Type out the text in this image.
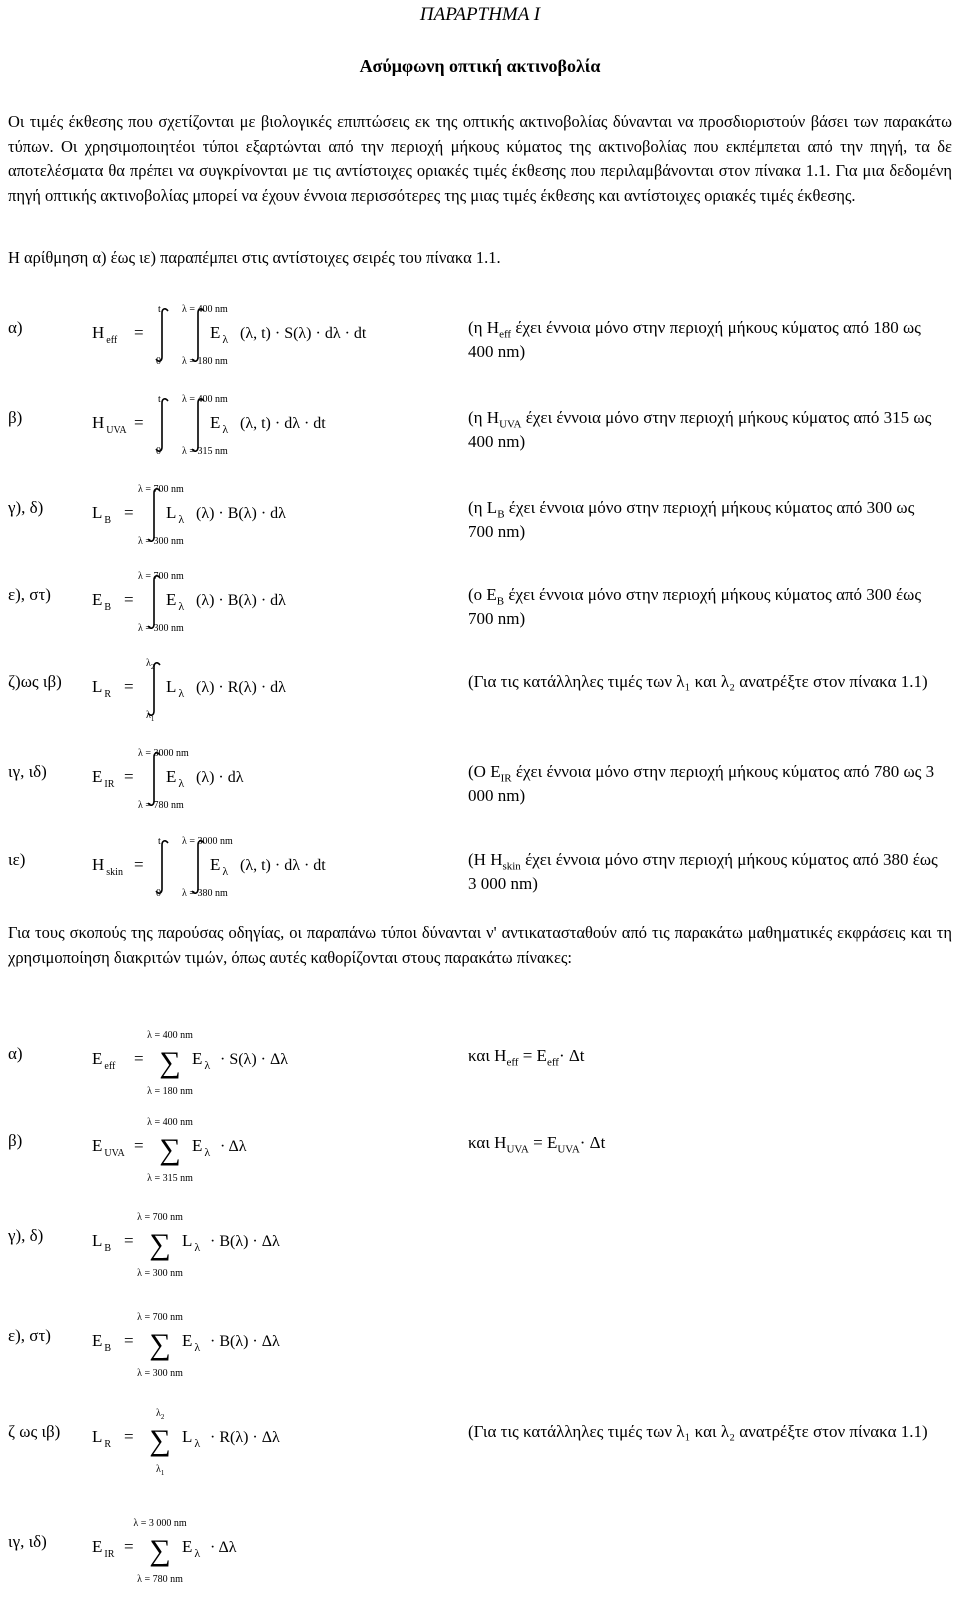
ΠΑΡΑΡΤΗΜΑ I
Ασύμφωνη οπτική ακτινοβολία
Οι τιμές έκθεσης που σχετίζονται με βιολογικές επιπτώσεις εκ της οπτικής ακτινοβολίας δύνανται να προσδιοριστούν βάσει των παρακάτω τύπων. Οι χρησιμοποιητέοι τύποι εξαρτώνται από την περιοχή μήκους κύματος της ακτινοβολίας που εκπέμπεται από την πηγή, τα δε αποτελέσματα θα πρέπει να συγκρίνονται με τις αντίστοιχες οριακές τιμές έκθεσης που περιλαμβάνονται στον πίνακα 1.1. Για μια δεδομένη πηγή οπτικής ακτινοβολίας μπορεί να έχουν έννοια περισσότερες της μιας τιμές έκθεσης και αντίστοιχες οριακές τιμές έκθεσης.
Η αρίθμηση α) έως ιε) παραπέμπει στις αντίστοιχες σειρές του πίνακα 1.1.
Για τους σκοπούς της παρούσας οδηγίας, οι παραπάνω τύποι δύνανται ν' αντικατασταθούν από τις παρακάτω μαθηματικές εκφράσεις και τη χρησιμοποίηση διακριτών τιμών, όπως αυτές καθορίζονται στους παρακάτω πίνακες:
α)	H $_{eff}$ =
t
0
λ = 400 nm
λ = 180 nm
E $_\lambda$ (λ, t) · S(λ) · dλ · dt	(η $H_{eff}$ έχει έννοια μόνο στην περιοχή μήκους κύματος από 180 ως 400 nm)
β)	H $_{UVA}$ =
t
0
λ = 400 nm
λ = 315 nm
E $_\lambda$ (λ, t) · dλ · dt	(η $H_{UVA}$ έχει έννοια μόνο στην περιοχή μήκους κύματος από 315 ως 400 nm)
γ), δ)	L $_B$ =
λ = 700 nm
λ = 300 nm
L $_\lambda$ (λ) · B(λ) · dλ	(η $L_B$ έχει έννοια μόνο στην περιοχή μήκους κύματος από 300 ως 700 nm)
ε), στ) E $_B$ =
λ = 700 nm
λ = 300 nm
E $_\lambda$ (λ) · B(λ) · dλ	(ο $E_B$ έχει έννοια μόνο στην περιοχή μήκους κύματος από 300 έως 700 nm)
ζ)ως ιβ) L $_R$ =
$\lambda_2$
$\lambda_1$
L $_\lambda$ (λ) · R(λ) · dλ	(Για τις κατάλληλες τιμές των λ₁ και λ₂ ανατρέξτε στον πίνακα 1.1)
ιγ, ιδ)	E $_{IR}$ =
λ = 3000 nm
λ = 780 nm
E $_\lambda$ (λ) · dλ	(Ο $E_{IR}$ έχει έννοια μόνο στην περιοχή μήκους κύματος από 780 ως 3 000 nm)
ιε)	H $_{skin}$ =
t
0
λ = 3000 nm
λ = 380 nm
E $_\lambda$ (λ, t) · dλ · dt	(Η $H_{skin}$ έχει έννοια μόνο στην περιοχή μήκους κύματος από 380 έως 3 000 nm)
α)	E $_{eff}$ =
λ = 400 nm
∑
λ = 180 nm
E $_\lambda$ · S(λ) · Δλ	και $H_{eff} = E_{eff}\cdot \Delta t$
β)	E $_{UVA}$ =
λ = 400 nm
∑
λ = 315 nm
E $_\lambda$ · Δλ	και $H_{UVA} = E_{UVA}\cdot \Delta t$
γ), δ)	L $_B$ =
λ = 700 nm
∑
λ = 300 nm
L $_\lambda$ · B(λ) · Δλ
ε), στ) E $_B$ =
λ = 700 nm
∑
λ = 300 nm
E $_\lambda$ · B(λ) · Δλ
ζ ως ιβ) L $_R$ =
$\lambda_2$
∑
$\lambda_1$
L $_\lambda$ · R(λ) · Δλ	(Για τις κατάλληλες τιμές των λ₁ και λ₂ ανατρέξτε στον πίνακα 1.1)
ιγ, ιδ)	E $_{IR}$ =
λ = 3 000 nm
∑
λ = 780 nm
E $_\lambda$ · Δλ
